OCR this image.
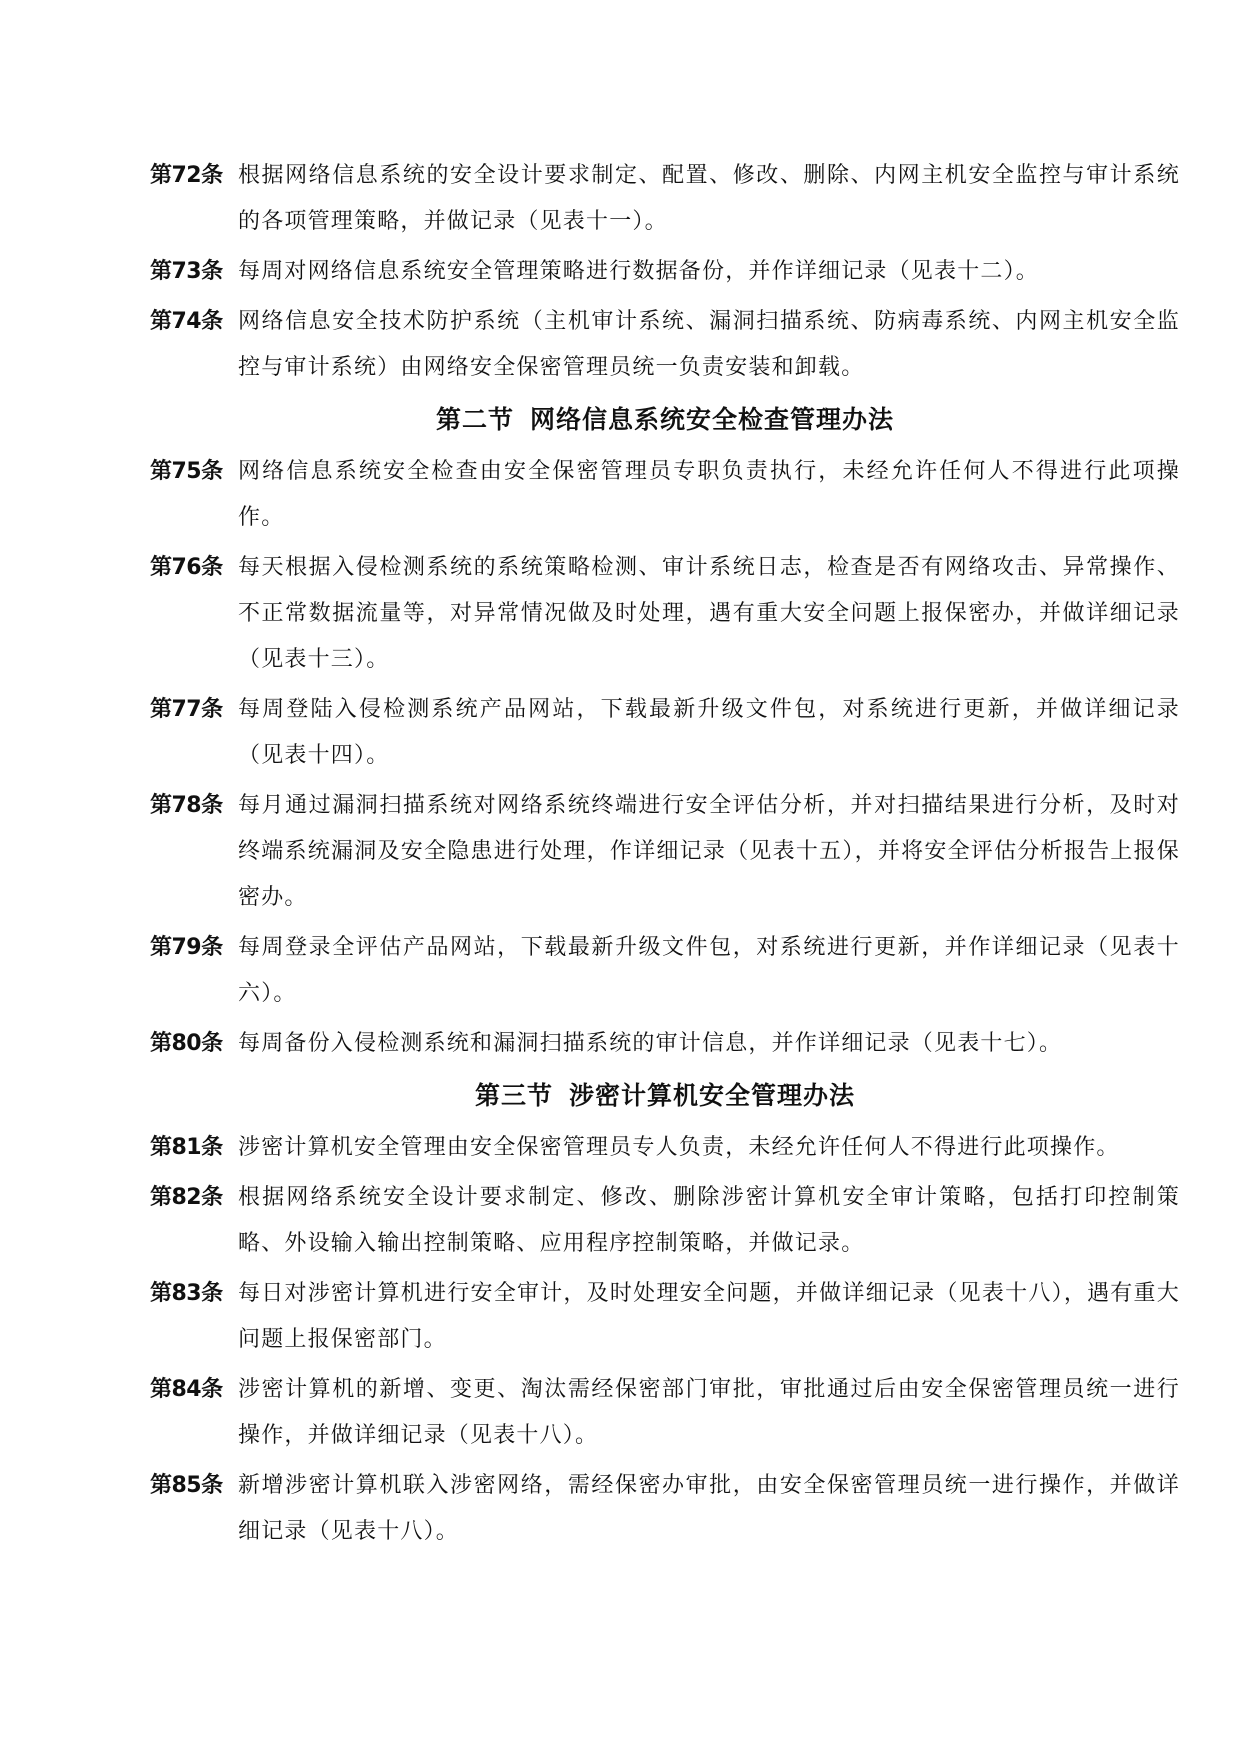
第72条 根据网络信息系统的安全设计要求制定、配置、修改、删除、内网主机安全监控与审计系统的各项管理策略，并做记录（见表十一）。
第73条 每周对网络信息系统安全管理策略进行数据备份，并作详细记录（见表十二）。
第74条 网络信息安全技术防护系统（主机审计系统、漏洞扫描系统、防病毒系统、内网主机安全监控与审计系统）由网络安全保密管理员统一负责安装和卸载。
第二节 网络信息系统安全检查管理办法
第75条 网络信息系统安全检查由安全保密管理员专职负责执行，未经允许任何人不得进行此项操作。
第76条 每天根据入侵检测系统的系统策略检测、审计系统日志，检查是否有网络攻击、异常操作、不正常数据流量等，对异常情况做及时处理，遇有重大安全问题上报保密办，并做详细记录（见表十三）。
第77条 每周登陆入侵检测系统产品网站，下载最新升级文件包，对系统进行更新，并做详细记录（见表十四）。
第78条 每月通过漏洞扫描系统对网络系统终端进行安全评估分析，并对扫描结果进行分析，及时对终端系统漏洞及安全隐患进行处理，作详细记录（见表十五），并将安全评估分析报告上报保密办。
第79条 每周登录全评估产品网站，下载最新升级文件包，对系统进行更新，并作详细记录（见表十六）。
第80条 每周备份入侵检测系统和漏洞扫描系统的审计信息，并作详细记录（见表十七）。
第三节 涉密计算机安全管理办法
第81条 涉密计算机安全管理由安全保密管理员专人负责，未经允许任何人不得进行此项操作。
第82条 根据网络系统安全设计要求制定、修改、删除涉密计算机安全审计策略，包括打印控制策略、外设输入输出控制策略、应用程序控制策略，并做记录。
第83条 每日对涉密计算机进行安全审计，及时处理安全问题，并做详细记录（见表十八），遇有重大问题上报保密部门。
第84条 涉密计算机的新增、变更、淘汰需经保密部门审批，审批通过后由安全保密管理员统一进行操作，并做详细记录（见表十八）。
第85条 新增涉密计算机联入涉密网络，需经保密办审批，由安全保密管理员统一进行操作，并做详细记录（见表十八）。
